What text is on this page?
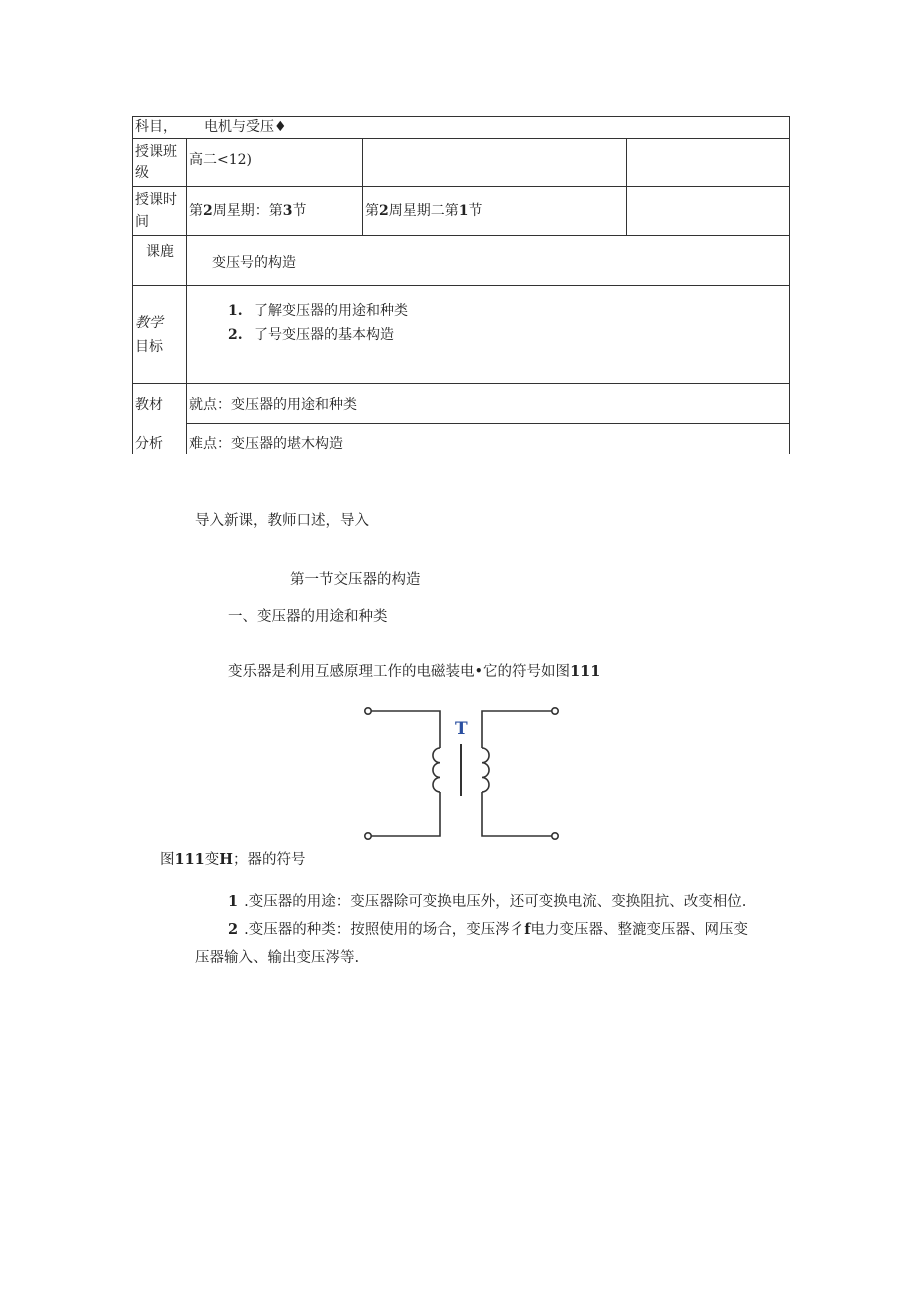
科目， 电机与受压♦
授课班
级
高二<12)
授课时
间
第2周星期：第3节	第2周星期二第1节
课鹿
变压号的构造
教学
目标
1. 了解变压器的用途和种类
2. 了号变压器的基本构造
教材
分析
就点：变压器的用途和种类
难点：变压器的堪木构造
导入新课，教师口述，导入
第一节交压器的构造
一、变压器的用途和种类
变乐器是利用互感原理工作的电磁装电•它的符号如图111
T
图111变H；器的符号
1 .变压器的用途：变压器除可变换电压外，还可变换电流、变换阻抗、改变相位.
2 .变压器的种类：按照使用的场合，变压涔彳f电力变压器、整漉变压器、网压变
压器输入、输出变压涔等.
